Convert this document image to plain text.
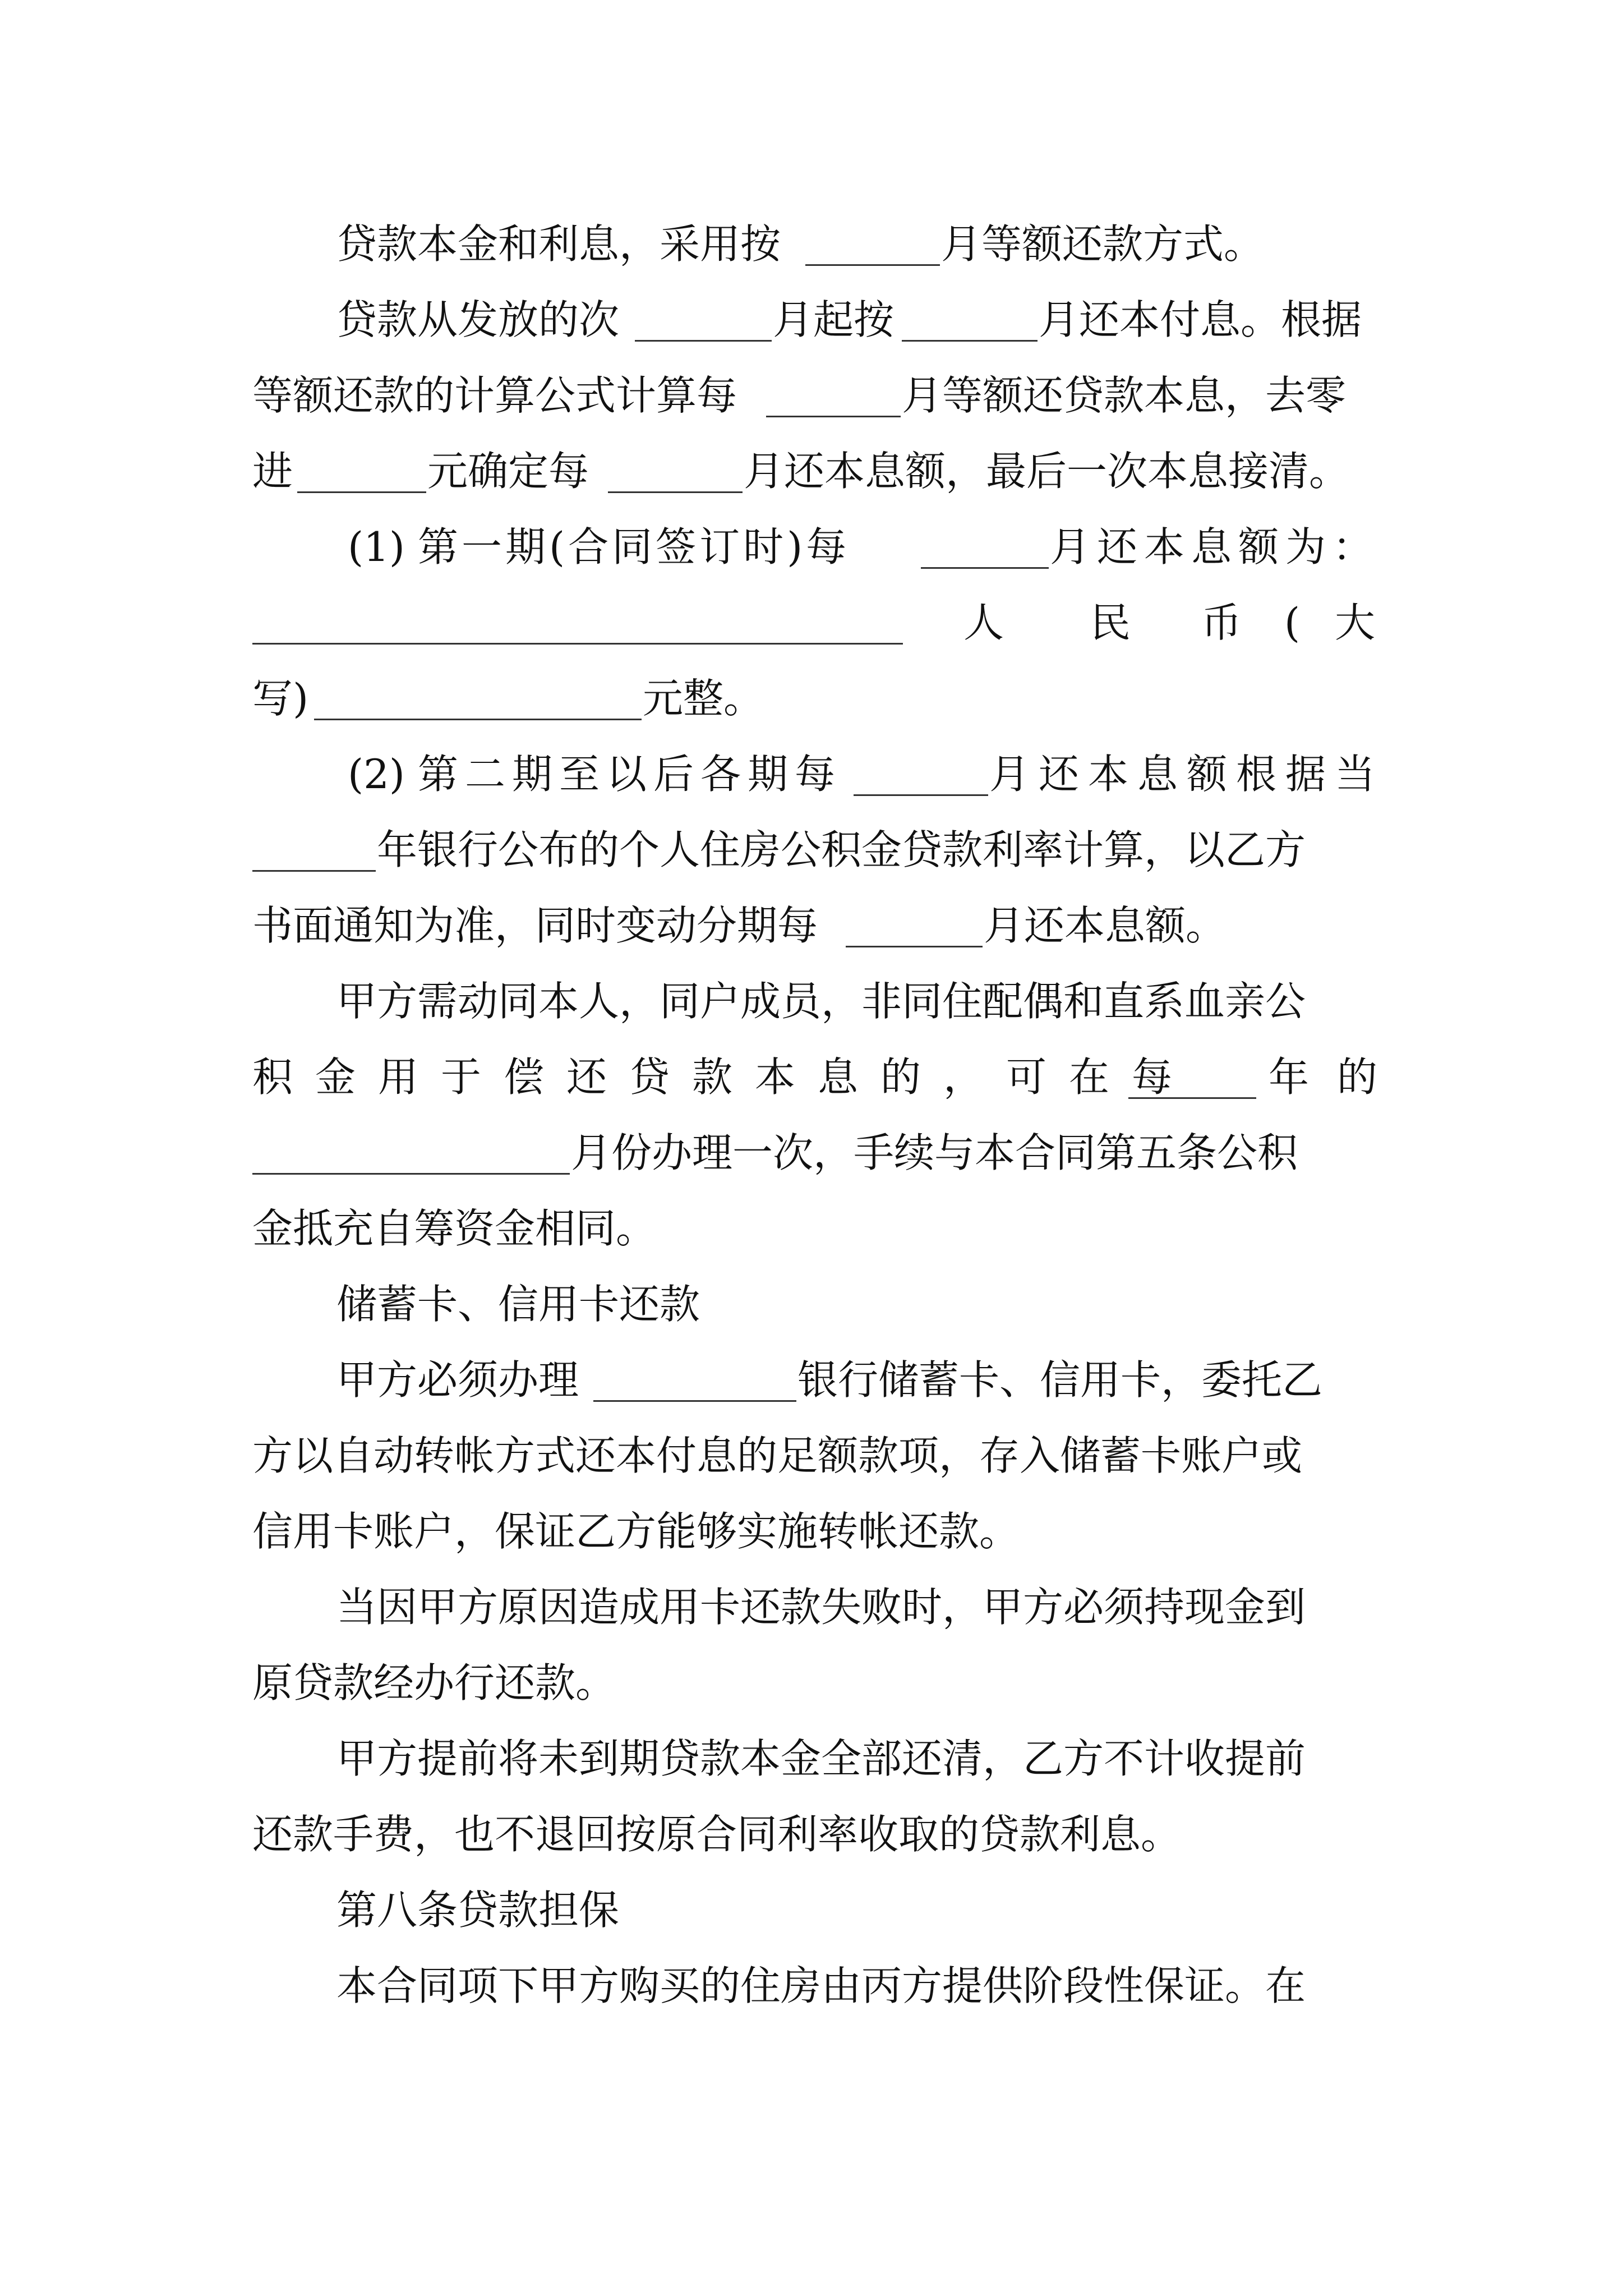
贷款本金和利息，采用按	月等额还款方式。
贷款从发放的次	月起按	月还本付息。根据
等额还款的计算公式计算每	月等额还贷款本息，去零
进	元确定每	月还本息额，最后一次本息接清。
(1) 第一期(合同签订时)每	月还本息额为：
人 民 币 ( 大
写)	元整。
(2) 第二期至以后各期每	月还本息额根据当
年银行公布的个人住房公积金贷款利率计算，以乙方
书面通知为准，同时变动分期每	月还本息额。
甲方需动同本人，同户成员，非同住配偶和直系血亲公
积金用于偿还贷款本息的，可在每 年的
月份办理一次，手续与本合同第五条公积
金抵充自筹资金相同。
储蓄卡、信用卡还款
甲方必须办理	银行储蓄卡、信用卡，委托乙
方以自动转帐方式还本付息的足额款项，存入储蓄卡账户或
信用卡账户，保证乙方能够实施转帐还款。
当因甲方原因造成用卡还款失败时，甲方必须持现金到
原贷款经办行还款。
甲方提前将未到期贷款本金全部还清，乙方不计收提前
还款手费，也不退回按原合同利率收取的贷款利息。
第八条贷款担保
本合同项下甲方购买的住房由丙方提供阶段性保证。在
